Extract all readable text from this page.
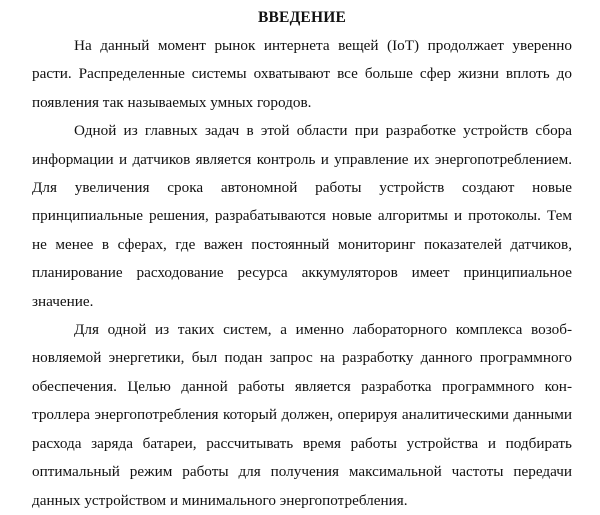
ВВЕДЕНИЕ

На данный момент рынок интернета вещей (IoT) продолжает уверенно расти. Распределенные системы охватывают все больше сфер жизни вплоть до появления так называемых умных городов.

Одной из главных задач в этой области при разработке устройств сбора информации и датчиков является контроль и управление их энергопотреблением. Для увеличения срока автономной работы устройств создают новые принципиальные решения, разрабатываются новые алгоритмы и протоколы. Тем не менее в сферах, где важен постоянный мониторинг показателей датчиков, планирование расходование ресурса аккумуляторов имеет принципиальное значение.

Для одной из таких систем, а именно лабораторного комплекса возобновляемой энергетики, был подан запрос на разработку данного программного обеспечения. Целью данной работы является разработка программного контроллера энергопотребления который должен, оперируя аналитическими данными расхода заряда батареи, рассчитывать время работы устройства и подбирать оптимальный режим работы для получения максимальной частоты передачи данных устройством и минимального энергопотребления.
